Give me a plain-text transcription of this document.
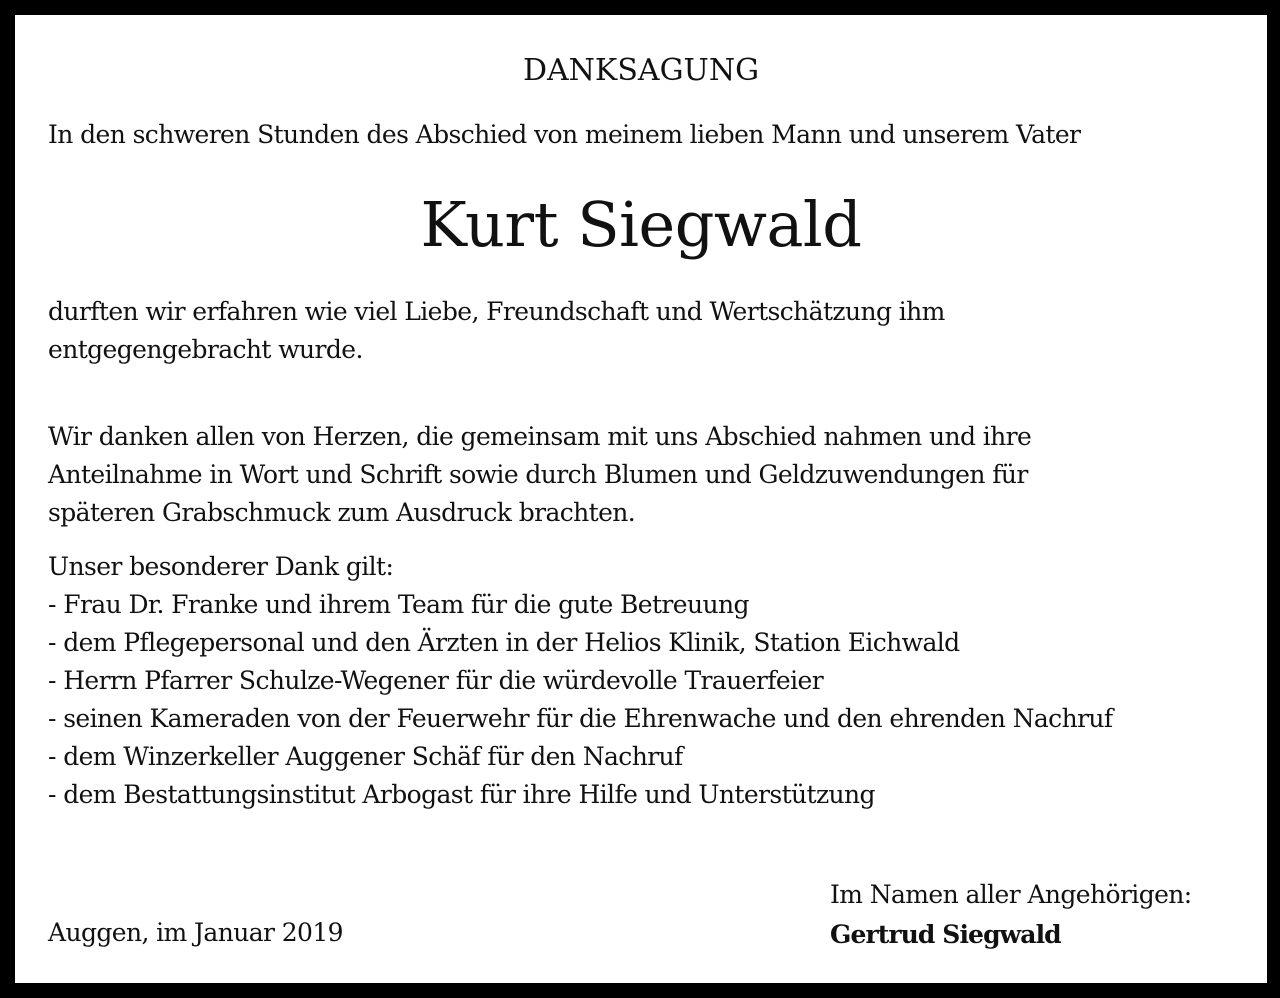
DANKSAGUNG
In den schweren Stunden des Abschied von meinem lieben Mann und unserem Vater
Kurt Siegwald
durften wir erfahren wie viel Liebe, Freundschaft und Wertschätzung ihm
entgegengebracht wurde.
Wir danken allen von Herzen, die gemeinsam mit uns Abschied nahmen und ihre
Anteilnahme in Wort und Schrift sowie durch Blumen und Geldzuwendungen für
späteren Grabschmuck zum Ausdruck brachten.
Unser besonderer Dank gilt:
- Frau Dr. Franke und ihrem Team für die gute Betreuung
- dem Pflegepersonal und den Ärzten in der Helios Klinik, Station Eichwald
- Herrn Pfarrer Schulze-Wegener für die würdevolle Trauerfeier
- seinen Kameraden von der Feuerwehr für die Ehrenwache und den ehrenden Nachruf
- dem Winzerkeller Auggener Schäf für den Nachruf
- dem Bestattungsinstitut Arbogast für ihre Hilfe und Unterstützung
Auggen, im Januar 2019
Im Namen aller Angehörigen:
Gertrud Siegwald
